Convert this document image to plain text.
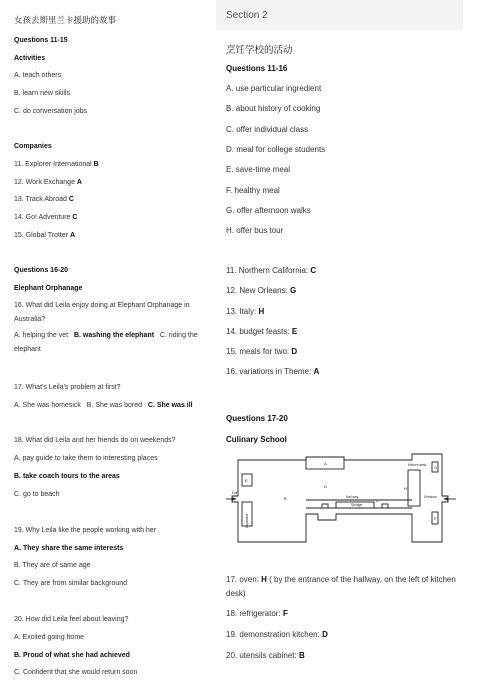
女孩去斯里兰卡援助的故事
Questions 11-15
Activities
A. teach others
B. learn new skills
C. do conversation jobs
Companies
11. Explorer International B
12. Work Exchange A
13. Track Abroad C
14. Go! Adventure C
15. Global Trotter A
Questions 16-20
Elephant Orphanage
16. What did Leila enjoy doing at Elephant Orphanage in Australia?
A. helping the vet B. washing the elephant C. riding the elephant
17. What's Leila's problem at first?
A. She was homesick B. She was bored C. She was ill
18. What did Leila and her friends do on weekends?
A. pay guide to take them to interesting places
B. take coach tours to the areas
C. go to beach
19. Why Leila like the people working with her
A. They share the same interests
B. They are of same age
C. They are from similar background
20. How did Leila feel about leaving?
A. Excited going home
B. Proud of what she had achieved
C. Confident that she would return soon
Section 2
烹饪学校的活动
Questions 11-16
A. use particular ingredient
B. about history of cooking
C. offer individual class
D. meal for college students
E. save-time meal
F. healthy meal
G. offer afternoon walks
H. offer bus tour
11. Northern California: C
12. New Orleans: G
13. Italy: H
14. budget feasts: E
15. meals for two: D
16. variations in Theme: A
Questions 17-20
Culinary School
Exit
Hall way
Storage
Kitchen desk
Entrance
Cupboard
E
A
B
D
C
G
H
F
17. oven: H ( by the entrance of the hallway, on the left of kitchen desk)
18. refrigerator: F
19. demonstration kitchen: D
20. utensils cabinet: B
